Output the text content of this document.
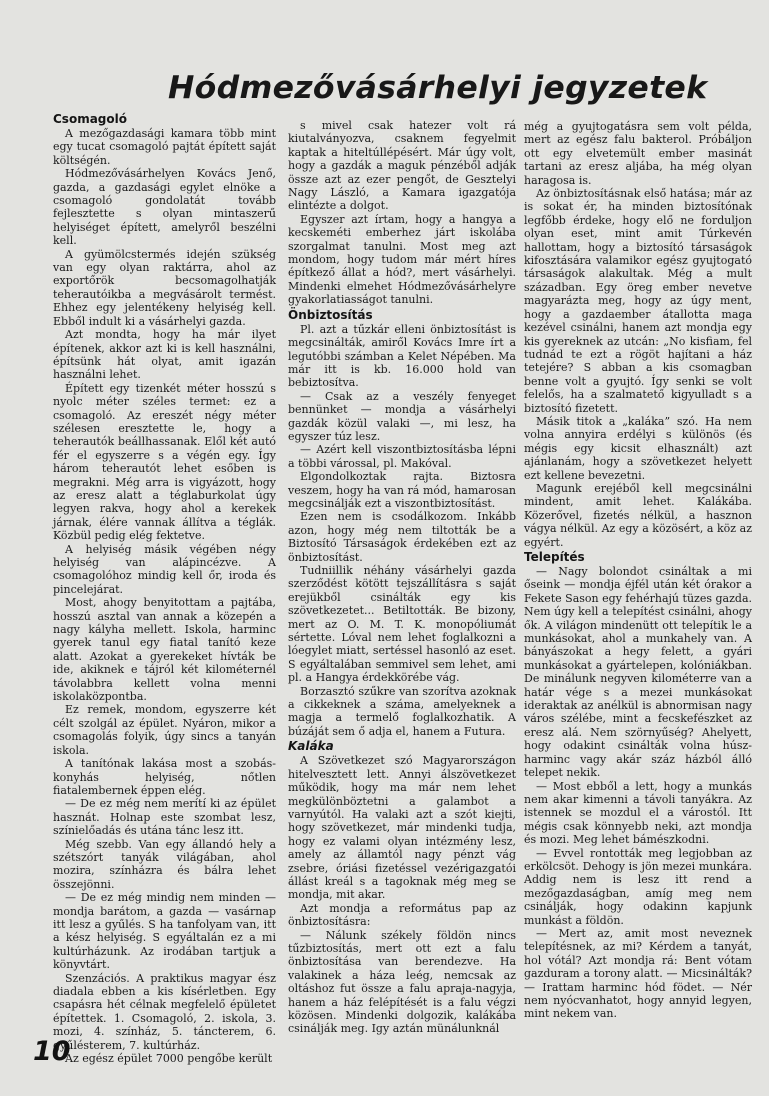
Hódmezővásárhelyi jegyzetek
Csomagoló

A mezőgazdasági kamara több mint egy tucat csomagoló pajtát épített saját költségén.

Hódmezővásárhelyen Kovács Jenő, gazda, a gazdasági egylet elnöke a csomagoló gondolatát tovább fejlesztette s olyan mintaszerű helyiséget épített, amelyről beszélni kell.

A gyümölcstermés idején szükség van egy olyan raktárra, ahol az exportőrök becsomagolhatják teherautóikba a megvásárolt termést. Ehhez egy jelentékeny helyiség kell. Ebből indult ki a vásárhelyi gazda.

Azt mondta, hogy ha már ilyet építenek, akkor azt ki is kell használni, építsünk hát olyat, amit igazán használni lehet.

Épített egy tizenkét méter hosszú s nyolc méter széles termet: ez a csomagoló. Az ereszét négy méter szélesen eresztette le, hogy a teherautók beállhassanak. Elől két autó fér el egyszerre s a végén egy. Így három teherautót lehet esőben is megrakni. Még arra is vigyázott, hogy az eresz alatt a téglaburkolat úgy legyen rakva, hogy ahol a kerekek járnak, élére vannak állítva a téglák. Közbül pedig elég fektetve.

A helyiség másik végében négy helyiség van alápincézve. A csomagolóhoz mindig kell őr, iroda és pincelejárat.

Most, ahogy benyitottam a pajtába, hosszú asztal van annak a közepén a nagy kályha mellett. Iskola, harminc gyerek tanul egy fiatal tanító keze alatt. Azokat a gyerekeket hívták be ide, akiknek e tájról két kilométernél távolabbra kellett volna menni iskolaközpontba.

Ez remek, mondom, egyszerre két célt szolgál az épület. Nyáron, mikor a csomagolás folyik, úgy sincs a tanyán iskola.

A tanítónak lakása most a szobás-konyhás helyiség, nőtlen fiatalembernek éppen elég.

— De ez még nem merítí ki az épület hasznát. Holnap este szombat lesz, színielőadás és utána tánc lesz itt.

Még szebb. Van egy állandó hely a szétszórt tanyák világában, ahol mozira, színházra és bálra lehet összejönni.

— De ez még mindig nem minden — mondja barátom, a gazda — vasárnap itt lesz a gyűlés. S ha tanfolyam van, itt a kész helyiség. S egyáltalán ez a mi kultúrházunk. Az irodában tartjuk a könyvtárt.

Szenzációs. A praktikus magyar ész diadala ebben a kis kísérletben. Egy csapásra hét célnak megfelelő épületet építettek. 1. Csomagoló, 2. iskola, 3. mozi, 4. színház, 5. táncterem, 6. gyűlésterem, 7. kultúrház.

Az egész épület 7000 pengőbe került

s mivel csak hatezer volt rá kiutalványozva, csaknem fegyelmit kaptak a hiteltúllépésért. Már úgy volt, hogy a gazdák a maguk pénzéből adják össze azt az ezer pengőt, de Gesztelyi Nagy László, a Kamara igazgatója elintézte a dolgot.

Egyszer azt írtam, hogy a hangya a kecskeméti emberhez járt iskolába szorgalmat tanulni. Most meg azt mondom, hogy tudom már mért híres építkező állat a hód?, mert vásárhelyi. Mindenki elmehet Hódmezővásárhelyre gyakorlatiasságot tanulni.

Önbiztosítás

Pl. azt a tűzkár elleni önbiztosítást is megcsinálták, amiről Kovács Imre írt a legutóbbi számban a Kelet Népében. Ma már itt is kb. 16.000 hold van bebiztosítva.

— Csak az a veszély fenyeget bennünket — mondja a vásárhelyi gazdák közül valaki —, mi lesz, ha egyszer túz lesz.

— Azért kell viszontbiztosításba lépni a többi várossal, pl. Makóval.

Elgondolkoztak rajta. Biztosra veszem, hogy ha van rá mód, hamarosan megcsinálják ezt a viszontbiztosítást.

Ezen nem is csodálkozom. Inkább azon, hogy még nem tiltották be a Biztosító Társaságok érdekében ezt az önbiztosítást.

Tudniillik néhány vásárhelyi gazda szerződést kötött tejszállításra s saját erejükből csinálták egy kis szövetkezetet... Betiltották. Be bizony, mert az O. M. T. K. monopóliumát sértette. Lóval nem lehet foglalkozni a lóegylet miatt, sertéssel hasonló az eset. S egyáltalában semmivel sem lehet, ami pl. a Hangya érdekkörébe vág.

Borzasztó szűkre van szorítva azoknak a cikkeknek a száma, amelyeknek a magja a termelő foglalkozhatik. A búzáját sem ő adja el, hanem a Futura.

Kaláka

A Szövetkezet szó Magyarországon hitelvesztett lett. Annyi álszövetkezet működik, hogy ma már nem lehet megkülönböztetni a galambot a varnyútól. Ha valaki azt a szót kiejti, hogy szövetkezet, már mindenki tudja, hogy ez valami olyan intézmény lesz, amely az államtól nagy pénzt vág zsebre, óriási fizetéssel vezérigazgatói állást kreál s a tagoknak még meg se mondja, mit akar.

Azt mondja a református pap az önbiztosításra:

— Nálunk székely földön nincs tűzbiztosítás, mert ott ezt a falu önbiztosítása van berendezve. Ha valakinek a háza leég, nemcsak az oltáshoz fut össze a falu apraja-nagyja, hanem a ház felépítését is a falu végzi közösen. Mindenki dolgozik, kalákába csinálják meg. Igy aztán münálunknál

még a gyujtogatásra sem volt példa, mert az egész falu bakterol. Próbáljon ott egy elvetemült ember masinát tartani az eresz aljába, ha még olyan haragosa is.

Az önbiztosításnak első hatása; már az is sokat ér, ha minden biztosítónak legfőbb érdeke, hogy elő ne forduljon olyan eset, mint amit Túrkevén hallottam, hogy a biztosító társaságok kifosztására valamikor egész gyujtogató társaságok alakultak. Még a mult században. Egy öreg ember nevetve magyarázta meg, hogy az úgy ment, hogy a gazdaember átallotta maga kezével csinálni, hanem azt mondja egy kis gyereknek az utcán: „No kisfiam, fel tudnád te ezt a rögöt hajítani a ház tetejére? S abban a kis csomagban benne volt a gyujtó. Így senki se volt felelős, ha a szalmatető kigyulladt s a biztosító fizetett.

Másik titok a „kaláka” szó. Ha nem volna annyira erdélyi s különös (és mégis egy kicsit elhasznált) azt ajánlanám, hogy a szövetkezet helyett ezt kellene bevezetni.

Magunk erejéből kell megcsinálni mindent, amit lehet. Kalákába. Közerővel, fizetés nélkül, a hasznon vágya nélkül. Az egy a közösért, a köz az egyért.

Telepítés

— Nagy bolondot csináltak a mi őseink — mondja éjfél után két órakor a Fekete Sason egy fehérhajú tüzes gazda. Nem úgy kell a telepítést csinálni, ahogy ők. A világon mindenütt ott telepítik le a munkásokat, ahol a munkahely van. A bányászokat a hegy felett, a gyári munkásokat a gyártelepen, kolóniákban. De minálunk negyven kilométerre van a határ vége s a mezei munkásokat ideraktak az anélkül is abnormisan nagy város szélébe, mint a fecskefészket az eresz alá. Nem szörnyűség? Ahelyett, hogy odakint csinálták volna húsz-harminc vagy akár száz házból álló telepet nekik.

— Most ebből a lett, hogy a munkás nem akar kimenni a távoli tanyákra. Az istennek se mozdul el a várostól. Itt mégis csak könnyebb neki, azt mondja és mozi. Meg lehet bámészkodni.

— Evvel rontották meg legjobban az erkölcsöt. Dehogy is jön mezei munkára. Addig nem is lesz itt rend a mezőgazdaságban, amíg meg nem csinálják, hogy odakinn kapjunk munkást a földön.

— Mert az, amit most neveznek telepítésnek, az mi? Kérdem a tanyát, hol vótál? Azt mondja rá: Bent vótam gazduram a torony alatt. — Micsinálták? — Irattam harminc hód födet. — Nér nem nyócvanhatot, hogy annyid legyen, mint nekem van.

10
